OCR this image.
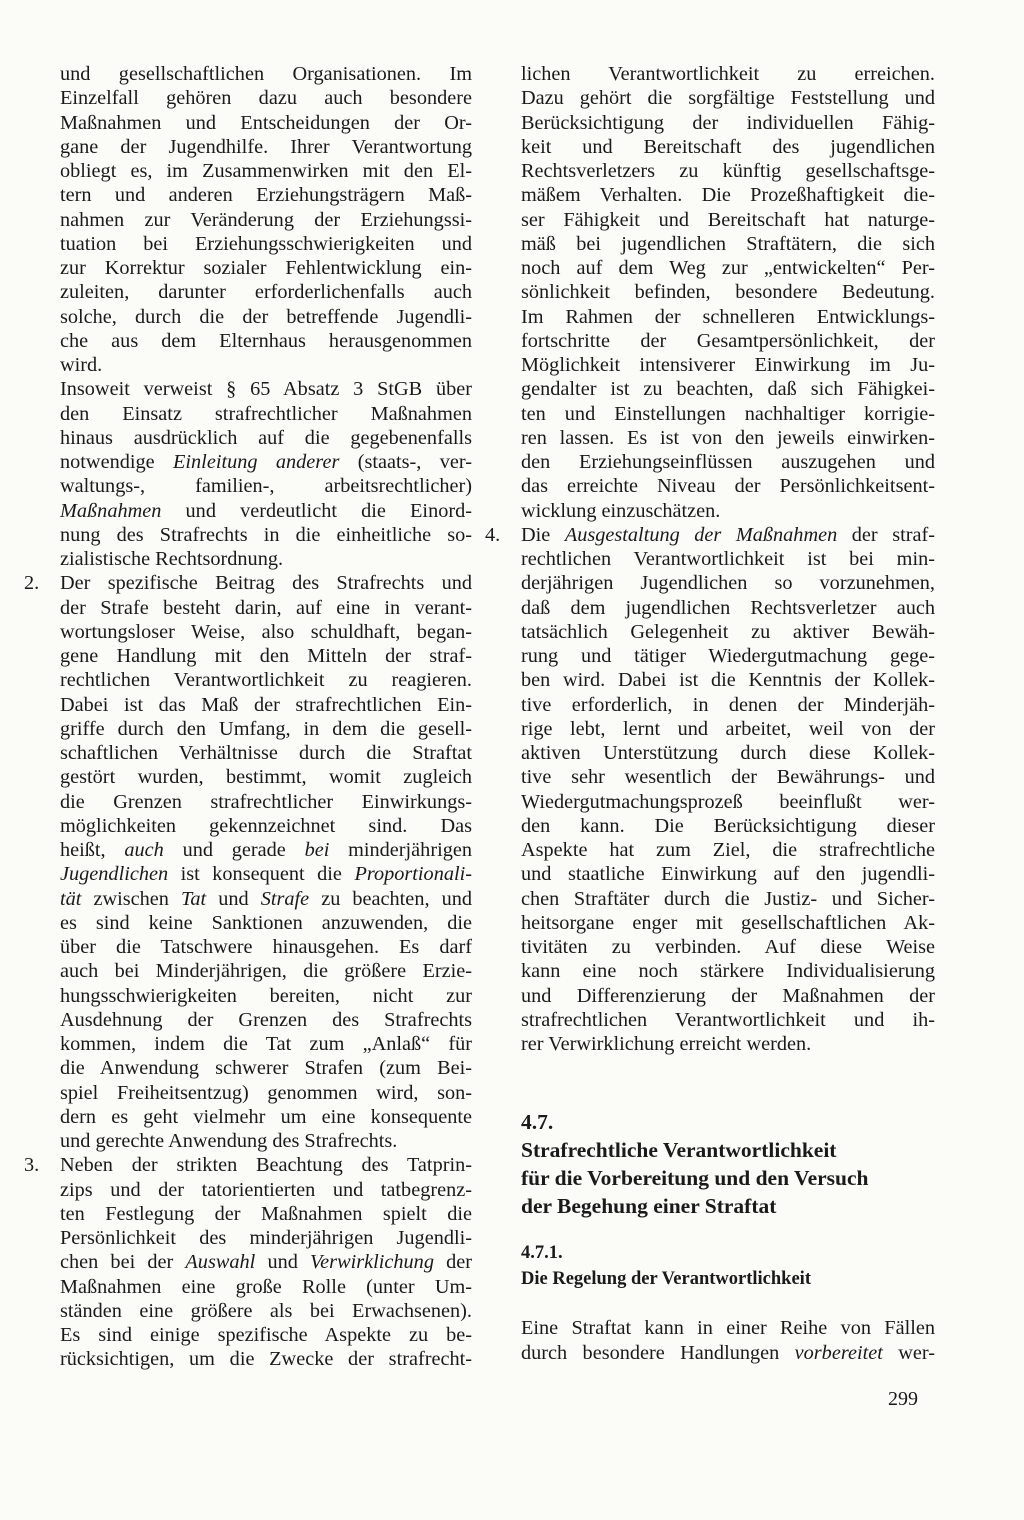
und gesellschaftlichen Organisationen. Im
Einzelfall gehören dazu auch besondere
Maßnahmen und Entscheidungen der Or-
gane der Jugendhilfe. Ihrer Verantwortung
obliegt es, im Zusammenwirken mit den El-
tern und anderen Erziehungsträgern Maß-
nahmen zur Veränderung der Erziehungssi-
tuation bei Erziehungsschwierigkeiten und
zur Korrektur sozialer Fehlentwicklung ein-
zuleiten, darunter erforderlichenfalls auch
solche, durch die der betreffende Jugendli-
che aus dem Elternhaus herausgenommen
wird.
Insoweit verweist § 65 Absatz 3 StGB über
den Einsatz strafrechtlicher Maßnahmen
hinaus ausdrücklich auf die gegebenenfalls
notwendige Einleitung anderer (staats-, ver-
waltungs-, familien-, arbeitsrechtlicher)
Maßnahmen und verdeutlicht die Einord-
nung des Strafrechts in die einheitliche so-
zialistische Rechtsordnung.
2. Der spezifische Beitrag des Strafrechts und
der Strafe besteht darin, auf eine in verant-
wortungsloser Weise, also schuldhaft, began-
gene Handlung mit den Mitteln der straf-
rechtlichen Verantwortlichkeit zu reagieren.
Dabei ist das Maß der strafrechtlichen Ein-
griffe durch den Umfang, in dem die gesell-
schaftlichen Verhältnisse durch die Straftat
gestört wurden, bestimmt, womit zugleich
die Grenzen strafrechtlicher Einwirkungs-
möglichkeiten gekennzeichnet sind. Das
heißt, auch und gerade bei minderjährigen
Jugendlichen ist konsequent die Proportionali-
tät zwischen Tat und Strafe zu beachten, und
es sind keine Sanktionen anzuwenden, die
über die Tatschwere hinausgehen. Es darf
auch bei Minderjährigen, die größere Erzie-
hungsschwierigkeiten bereiten, nicht zur
Ausdehnung der Grenzen des Strafrechts
kommen, indem die Tat zum „Anlaß“ für
die Anwendung schwerer Strafen (zum Bei-
spiel Freiheitsentzug) genommen wird, son-
dern es geht vielmehr um eine konsequente
und gerechte Anwendung des Strafrechts.
3. Neben der strikten Beachtung des Tatprin-
zips und der tatorientierten und tatbegrenz-
ten Festlegung der Maßnahmen spielt die
Persönlichkeit des minderjährigen Jugendli-
chen bei der Auswahl und Verwirklichung der
Maßnahmen eine große Rolle (unter Um-
ständen eine größere als bei Erwachsenen).
Es sind einige spezifische Aspekte zu be-
rücksichtigen, um die Zwecke der strafrecht-
lichen Verantwortlichkeit zu erreichen.
Dazu gehört die sorgfältige Feststellung und
Berücksichtigung der individuellen Fähig-
keit und Bereitschaft des jugendlichen
Rechtsverletzers zu künftig gesellschaftsge-
mäßem Verhalten. Die Prozeßhaftigkeit die-
ser Fähigkeit und Bereitschaft hat naturge-
mäß bei jugendlichen Straftätern, die sich
noch auf dem Weg zur „entwickelten“ Per-
sönlichkeit befinden, besondere Bedeutung.
Im Rahmen der schnelleren Entwicklungs-
fortschritte der Gesamtpersönlichkeit, der
Möglichkeit intensiverer Einwirkung im Ju-
gendalter ist zu beachten, daß sich Fähigkei-
ten und Einstellungen nachhaltiger korrigie-
ren lassen. Es ist von den jeweils einwirken-
den Erziehungseinflüssen auszugehen und
das erreichte Niveau der Persönlichkeitsent-
wicklung einzuschätzen.
4. Die Ausgestaltung der Maßnahmen der straf-
rechtlichen Verantwortlichkeit ist bei min-
derjährigen Jugendlichen so vorzunehmen,
daß dem jugendlichen Rechtsverletzer auch
tatsächlich Gelegenheit zu aktiver Bewäh-
rung und tätiger Wiedergutmachung gege-
ben wird. Dabei ist die Kenntnis der Kollek-
tive erforderlich, in denen der Minderjäh-
rige lebt, lernt und arbeitet, weil von der
aktiven Unterstützung durch diese Kollek-
tive sehr wesentlich der Bewährungs- und
Wiedergutmachungsprozeß beeinflußt wer-
den kann. Die Berücksichtigung dieser
Aspekte hat zum Ziel, die strafrechtliche
und staatliche Einwirkung auf den jugendli-
chen Straftäter durch die Justiz- und Sicher-
heitsorgane enger mit gesellschaftlichen Ak-
tivitäten zu verbinden. Auf diese Weise
kann eine noch stärkere Individualisierung
und Differenzierung der Maßnahmen der
strafrechtlichen Verantwortlichkeit und ih-
rer Verwirklichung erreicht werden.
4.7.
Strafrechtliche Verantwortlichkeit
für die Vorbereitung und den Versuch
der Begehung einer Straftat
4.7.1.
Die Regelung der Verantwortlichkeit
Eine Straftat kann in einer Reihe von Fällen
durch besondere Handlungen vorbereitet wer-
299
